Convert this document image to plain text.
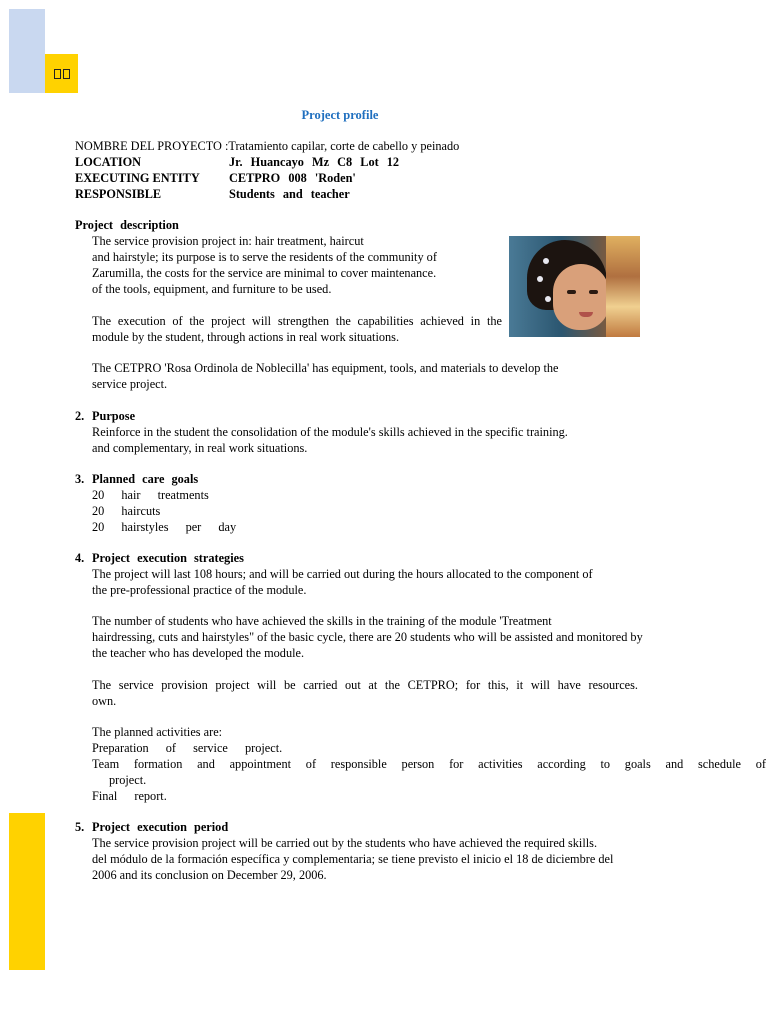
Project profile
NOMBRE DEL PROYECTO :Tratamiento capilar, corte de cabello y peinado
LOCATION	Jr. Huancayo Mz C8 Lot 12
EXECUTING ENTITY CETPRO 008 'Roden'
RESPONSIBLE	Students and teacher
Project description
The service provision project in: hair treatment, haircut
and hairstyle; its purpose is to serve the residents of the community of
Zarumilla, the costs for the service are minimal to cover maintenance.
of the tools, equipment, and furniture to be used.
The execution of the project will strengthen the capabilities achieved in the
module by the student, through actions in real work situations.
The CETPRO 'Rosa Ordinola de Noblecilla' has equipment, tools, and materials to develop the
service project.
2. Purpose
Reinforce in the student the consolidation of the module's skills achieved in the specific training.
and complementary, in real work situations.
3. Planned care goals
20 hair treatments
20 haircuts
20 hairstyles per day
4. Project execution strategies
The project will last 108 hours; and will be carried out during the hours allocated to the component of
the pre-professional practice of the module.
The number of students who have achieved the skills in the training of the module 'Treatment
hairdressing, cuts and hairstyles" of the basic cycle, there are 20 students who will be assisted and monitored by
the teacher who has developed the module.
The service provision project will be carried out at the CETPRO; for this, it will have resources.
own.
The planned activities are:
Preparation of service project.
Team formation and appointment of responsible person for activities according to goals and schedule of
project.
Final report.
5. Project execution period
The service provision project will be carried out by the students who have achieved the required skills.
del módulo de la formación específica y complementaria; se tiene previsto el inicio el 18 de diciembre del
2006 and its conclusion on December 29, 2006.
